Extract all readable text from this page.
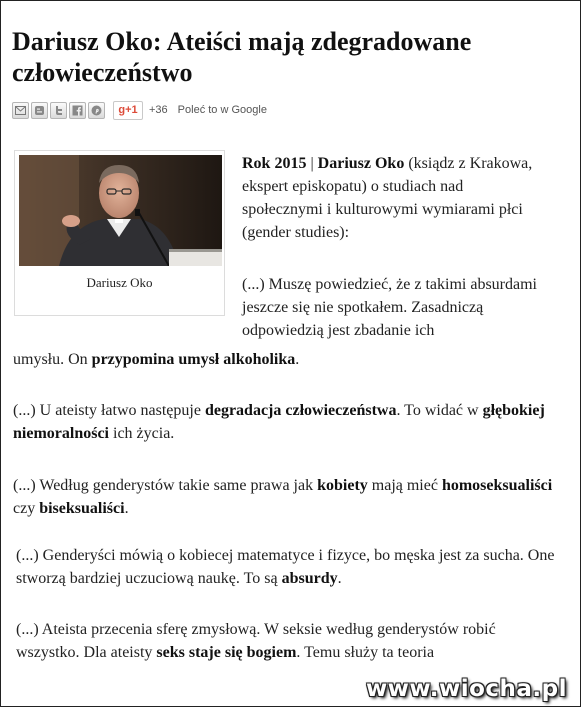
Dariusz Oko: Ateiści mają zdegradowane człowieczeństwo
g+1	+36 Poleć to w Google
Dariusz Oko
Rok 2015 | Dariusz Oko (ksiądz z Krakowa, ekspert episkopatu) o studiach nad społecznymi i kulturowymi wymiarami płci (gender studies):
(...) Muszę powiedzieć, że z takimi absurdami jeszcze się nie spotkałem. Zasadniczą odpowiedzią jest zbadanie ich
umysłu. On przypomina umysł alkoholika.
(...) U ateisty łatwo następuje degradacja człowieczeństwa. To widać w głębokiej niemoralności ich życia.
(...) Według genderystów takie same prawa jak kobiety mają mieć homoseksualiści czy biseksualiści.
(...) Genderyści mówią o kobiecej matematyce i fizyce, bo męska jest za sucha. One stworzą bardziej uczuciową naukę. To są absurdy.
(...) Ateista przecenia sferę zmysłową. W seksie według genderystów robić wszystko. Dla ateisty seks staje się bogiem. Temu służy ta teoria
www.wiocha.pl
